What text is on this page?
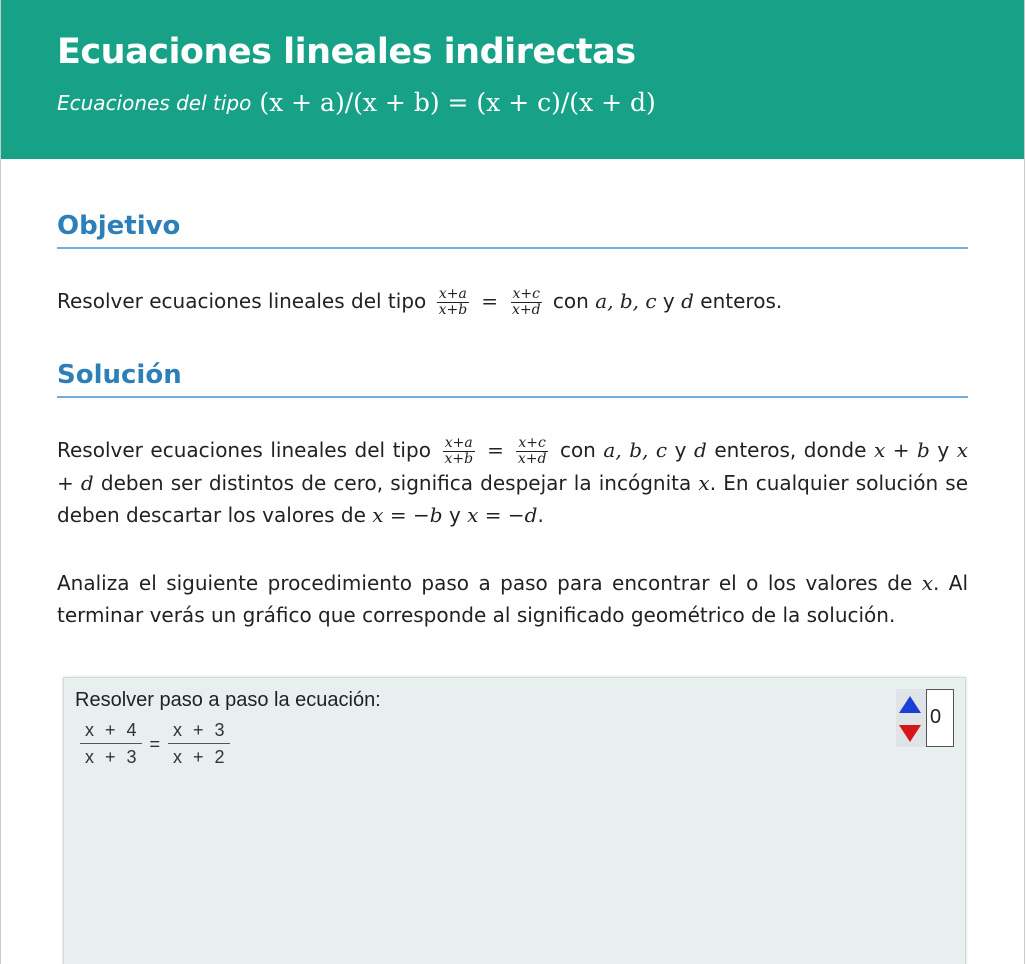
Ecuaciones lineales indirectas
Ecuaciones del tipo (x + a)/(x + b) = (x + c)/(x + d)
Objetivo

Resolver ecuaciones lineales del tipo $\frac{x+a}{x+b} = \frac{x+c}{x+d}$ con a, b, c y d enteros.

Solución

Resolver ecuaciones lineales del tipo $\frac{x+a}{x+b} = \frac{x+c}{x+d}$ con a, b, c y d enteros, donde x + b y x + d deben ser distintos de cero, significa despejar la incógnita x. En cualquier solución se deben descartar los valores de x = −b y x = −d.

Analiza el siguiente procedimiento paso a paso para encontrar el o los valores de x. Al terminar verás un gráfico que corresponde al significado geométrico de la solución.

Resolver paso a paso la ecuación:
$\frac{x + 4}{x + 3} = \frac{x + 3}{x + 2}$
0
